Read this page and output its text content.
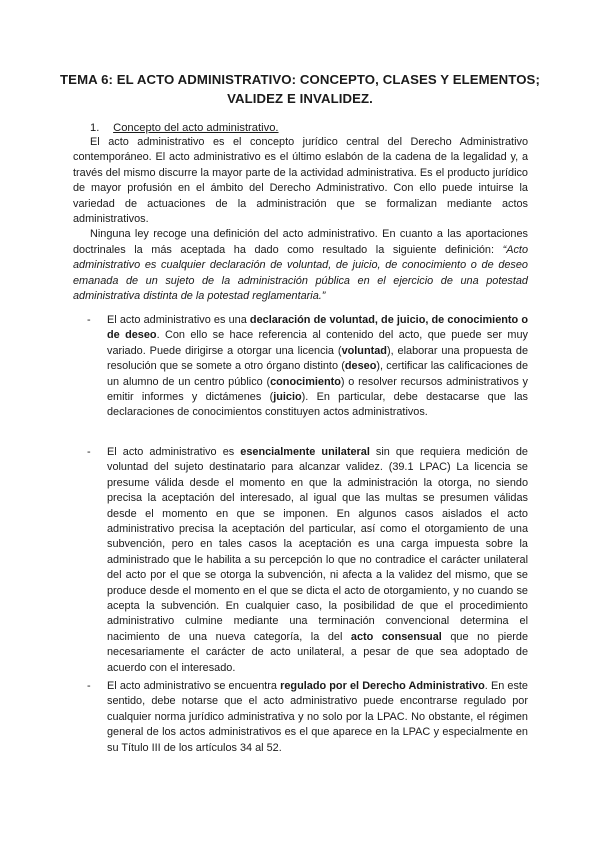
TEMA 6: EL ACTO ADMINISTRATIVO: CONCEPTO, CLASES Y ELEMENTOS; VALIDEZ E INVALIDEZ.
1. Concepto del acto administrativo.

El acto administrativo es el concepto jurídico central del Derecho Administrativo contemporáneo. El acto administrativo es el último eslabón de la cadena de la legalidad y, a través del mismo discurre la mayor parte de la actividad administrativa. Es el producto jurídico de mayor profusión en el ámbito del Derecho Administrativo. Con ello puede intuirse la variedad de actuaciones de la administración que se formalizan mediante actos administrativos.

Ninguna ley recoge una definición del acto administrativo. En cuanto a las aportaciones doctrinales la más aceptada ha dado como resultado la siguiente definición: “Acto administrativo es cualquier declaración de voluntad, de juicio, de conocimiento o de deseo emanada de un sujeto de la administración pública en el ejercicio de una potestad administrativa distinta de la potestad reglamentaria.”

- El acto administrativo es una declaración de voluntad, de juicio, de conocimiento o de deseo. Con ello se hace referencia al contenido del acto, que puede ser muy variado. Puede dirigirse a otorgar una licencia (voluntad), elaborar una propuesta de resolución que se somete a otro órgano distinto (deseo), certificar las calificaciones de un alumno de un centro público (conocimiento) o resolver recursos administrativos y emitir informes y dictámenes (juicio). En particular, debe destacarse que las declaraciones de conocimientos constituyen actos administrativos.
- El acto administrativo es esencialmente unilateral sin que requiera medición de voluntad del sujeto destinatario para alcanzar validez. (39.1 LPAC) La licencia se presume válida desde el momento en que la administración la otorga, no siendo precisa la aceptación del interesado, al igual que las multas se presumen válidas desde el momento en que se imponen. En algunos casos aislados el acto administrativo precisa la aceptación del particular, así como el otorgamiento de una subvención, pero en tales casos la aceptación es una carga impuesta sobre la administrado que le habilita a su percepción lo que no contradice el carácter unilateral del acto por el que se otorga la subvención, ni afecta a la validez del mismo, que se produce desde el momento en el que se dicta el acto de otorgamiento, y no cuando se acepta la subvención. En cualquier caso, la posibilidad de que el procedimiento administrativo culmine mediante una terminación convencional determina el nacimiento de una nueva categoría, la del acto consensual que no pierde necesariamente el carácter de acto unilateral, a pesar de que sea adoptado de acuerdo con el interesado.
- El acto administrativo se encuentra regulado por el Derecho Administrativo. En este sentido, debe notarse que el acto administrativo puede encontrarse regulado por cualquier norma jurídico administrativa y no solo por la LPAC. No obstante, el régimen general de los actos administrativos es el que aparece en la LPAC y especialmente en su Título III de los artículos 34 al 52.
